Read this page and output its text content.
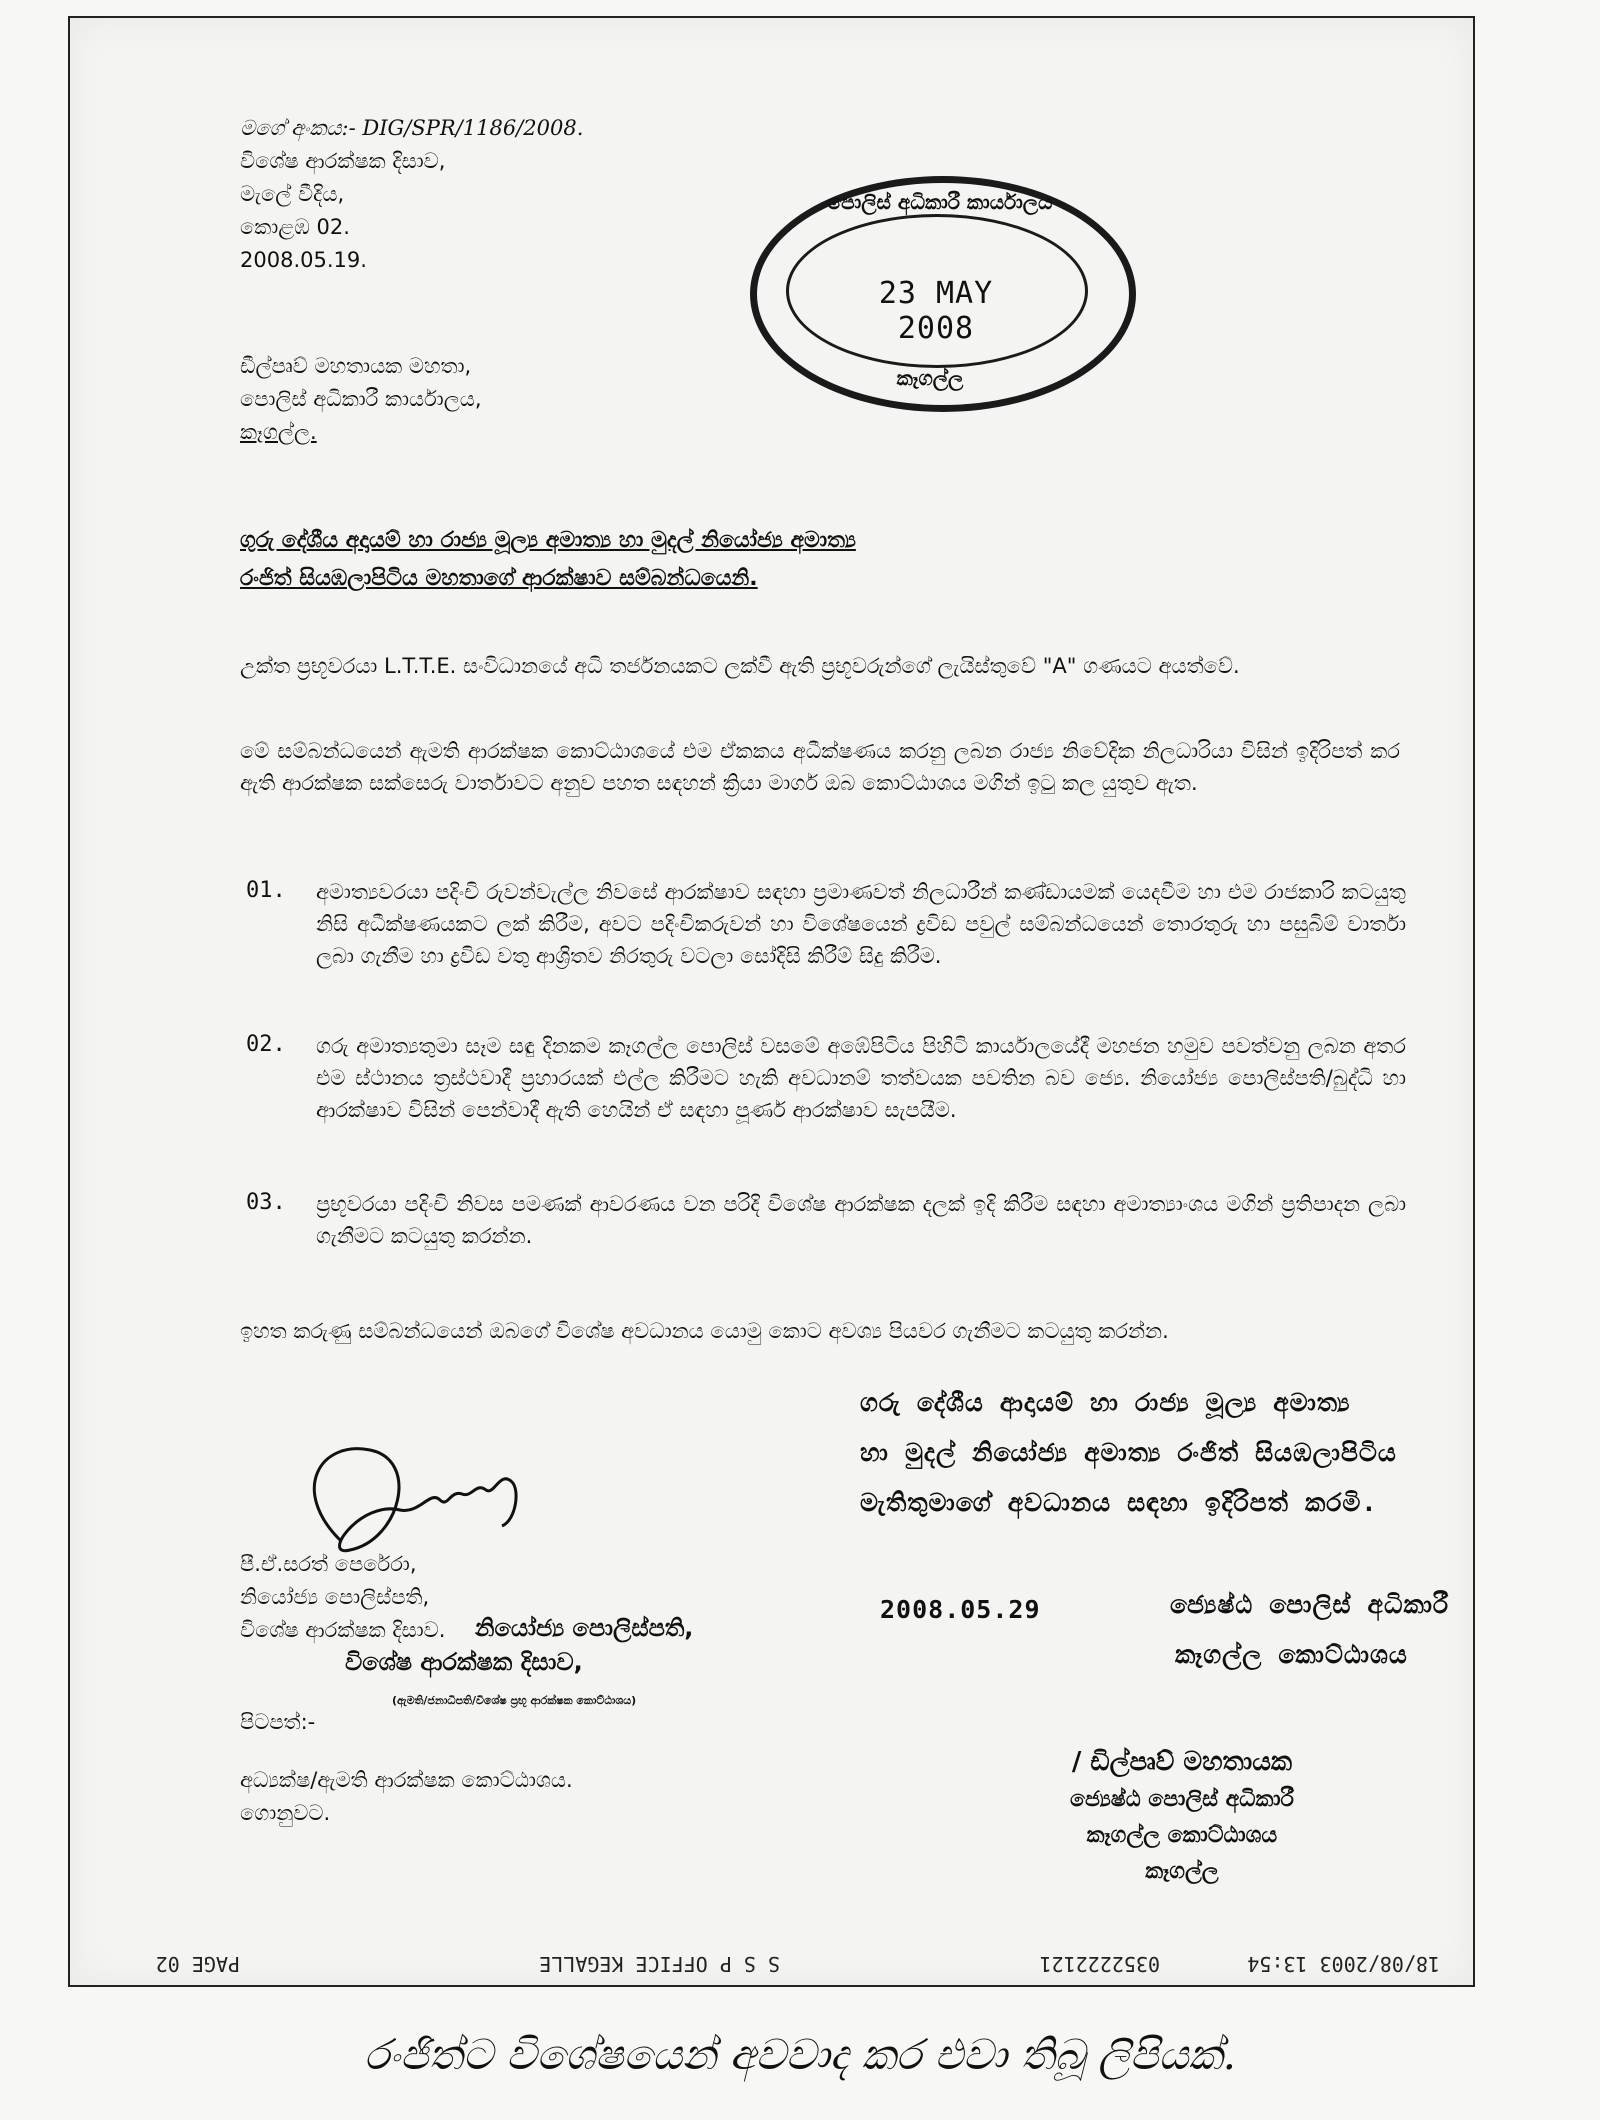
මගේ අංකය:- DIG/SPR/1186/2008.
විශේෂ ආරක්ෂක දිසාව,
මැලේ වීදිය,
කොළඹ 02.
2008.05.19.
පොලිස් අධිකාරී කාර්යාලය
23 MAY 2008
කෑගල්ල
ඩීල්ප්‍රුව් මහතායක මහතා,
පොලිස් අධිකාරී කාර්යාලය,
කෑගල්ල.
ගුරු දේශීය අදායම් හා රාජ්‍ය මූල්‍ය අමාත්‍ය හා මුදල් නියෝජ්‍ය අමාත්‍ය
රංජිත් සියඹලාපිටිය මහතාගේ ආරක්ෂාව සම්බන්ධයෙනි.
උක්ත ප්‍රභූවරයා L.T.T.E. සංවිධානයේ අධි තර්ජනයකට ලක්වී ඇති ප්‍රභූවරුන්ගේ ලැයිස්තුවේ "A" ගණයට අයත්වේ.
මේ සම්බන්ධයෙන් ඇමති ආරක්ෂක කොට්ඨාශයේ එම ඒකකය අධීක්ෂණය කරනු ලබන රාජ්‍ය නිවේදික නිලධාරියා විසින් ඉදිරිපත් කර ඇති ආරක්ෂක සක්සෙරු වාර්තාවට අනුව පහත සඳහන් ක්‍රියා මාර්ග ඔබ කොට්ඨාශය මගින් ඉටු කල යුතුව ඇත.
01. අමාත්‍යවරයා පදිංචි රුවන්වැල්ල නිවසේ ආරක්ෂාව සඳහා ප්‍රමාණවත් නිලධාරීන් කණ්ඩායමක් යෙදවීම හා එම රාජකාරි කටයුතු නිසි අධීක්ෂණයකට ලක් කිරීම, අවට පදිංචිකරුවන් හා විශේෂයෙන් ද්‍රවිඩ පවුල් සම්බන්ධයෙන් තොරතුරු හා පසුබිම් වාර්තා ලබා ගැනීම හා ද්‍රවිඩ වතු ආශ්‍රිතව නිරතුරු වටලා සෝදිසි කිරීම් සිදු කිරීම.
02. ගරු අමාත්‍යතුමා සෑම සඳු දිනකම කෑගල්ල පොලිස් වසමේ අඹේපිටිය පිහිටි කාර්යාලයේදී මහජන හමුව පවත්වනු ලබන අතර එම ස්ථානය ත්‍රස්ථවාදී ප්‍රහාරයක් එල්ල කිරීමට හැකි අවධානම් තත්වයක පවතින බව ජ්‍යෙ. නියෝජ්‍ය පොලිස්පති/බුද්ධි හා ආරක්ෂාව විසින් පෙන්වාදී ඇති හෙයින් ඒ සඳහා පූර්ණ ආරක්ෂාව සැපයීම.
03. ප්‍රභූවරයා පදිංචි නිවස පමණක් ආවරණය වන පරිදි විශේෂ ආරක්ෂක දලක් ඉදි කිරීම සඳහා අමාත්‍යාංශය මගින් ප්‍රතිපාදන ලබා ගැනීමට කටයුතු කරන්න.
ඉහත කරුණු සම්බන්ධයෙන් ඔබගේ විශේෂ අවධානය යොමු කොට අවශ්‍ය පියවර ගැනීමට කටයුතු කරන්න.
ගරු දේශීය ආදායම් හා රාජ්‍ය මූල්‍ය අමාත්‍ය
හා මුදල් නියෝජ්‍ය අමාත්‍ය රංජිත් සියඹලාපිටිය
මැතිතුමාගේ අවධානය සඳහා ඉදිරිපත් කරමි.
පී.ඒ.සරත් පෙරේරා,
නියෝජ්‍ය පොලිස්පති,
විශේෂ ආරක්ෂක දිසාව. නියෝජ්‍ය පොලිස්පති,
විශේෂ ආරක්ෂක දිසාව,
(ඇමති/ජනාධිපති/විශේෂ ප්‍රභූ ආරක්ෂක කොට්ඨාශය)
2008.05.29	ජ්‍යෙෂ්ඨ පොලිස් අධිකාරී
කෑගල්ල කොට්ඨාශය
පිටපත්:-
අධ්‍යක්ෂ/ඇමති ආරක්ෂක කොට්ඨාශය.
ගොනුවට.
/ ඩිල්ප්‍රුව් මහතායක
ජ්‍යෙෂ්ඨ පොලිස් අධිකාරී
කෑගල්ල කොට්ඨාශය
කෑගල්ල
18/08/2003 13:54
0352222121
S S P OFFICE KEGALLE
PAGE 02
රංජිත්ට විශේෂයෙන් අවවාද කර එවා තිබූ ලිපියක්.
